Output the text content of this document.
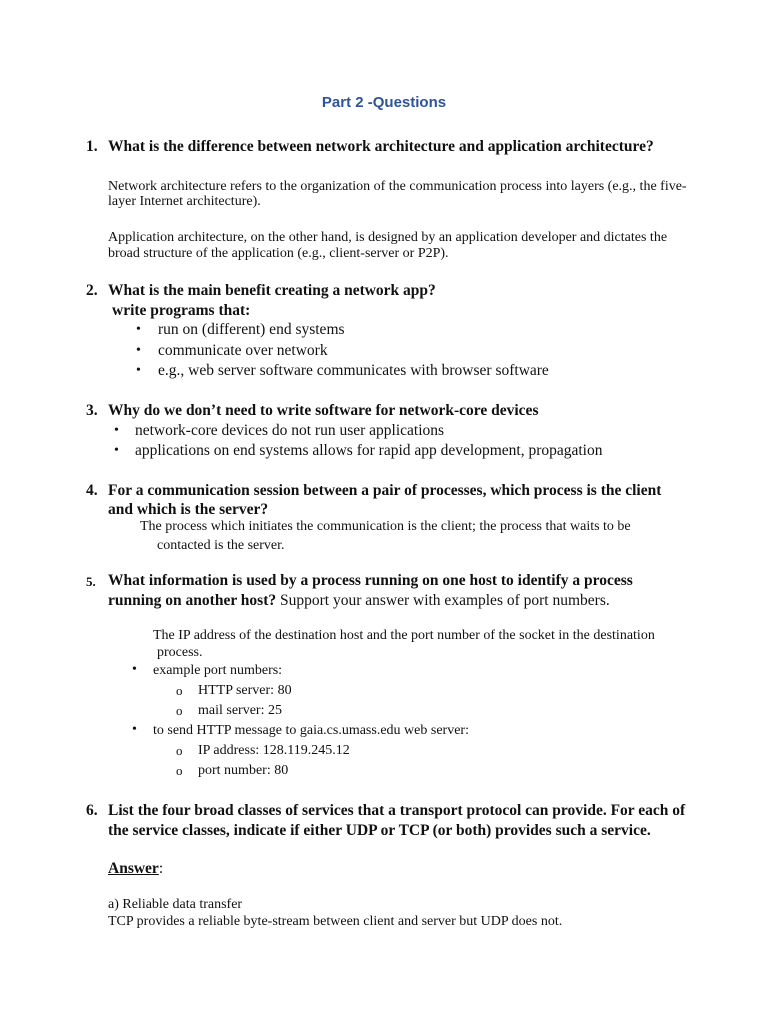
Part 2 -Questions
1. What is the difference between network architecture and application architecture?
Network architecture refers to the organization of the communication process into layers (e.g., the five-
layer Internet architecture).
Application architecture, on the other hand, is designed by an application developer and dictates the
broad structure of the application (e.g., client-server or P2P).
2. What is the main benefit creating a network app?
write programs that:
• run on (different) end systems
• communicate over network
• e.g., web server software communicates with browser software
3. Why do we don’t need to write software for network-core devices
• network-core devices do not run user applications
• applications on end systems allows for rapid app development, propagation
4. For a communication session between a pair of processes, which process is the client
and which is the server?
The process which initiates the communication is the client; the process that waits to be
contacted is the server.
5. What information is used by a process running on one host to identify a process
running on another host? Support your answer with examples of port numbers.
The IP address of the destination host and the port number of the socket in the destination
process.
• example port numbers:
o HTTP server: 80
o mail server: 25
• to send HTTP message to gaia.cs.umass.edu web server:
o IP address: 128.119.245.12
o port number: 80
6. List the four broad classes of services that a transport protocol can provide. For each of
the service classes, indicate if either UDP or TCP (or both) provides such a service.
Answer:
a) Reliable data transfer
TCP provides a reliable byte-stream between client and server but UDP does not.
